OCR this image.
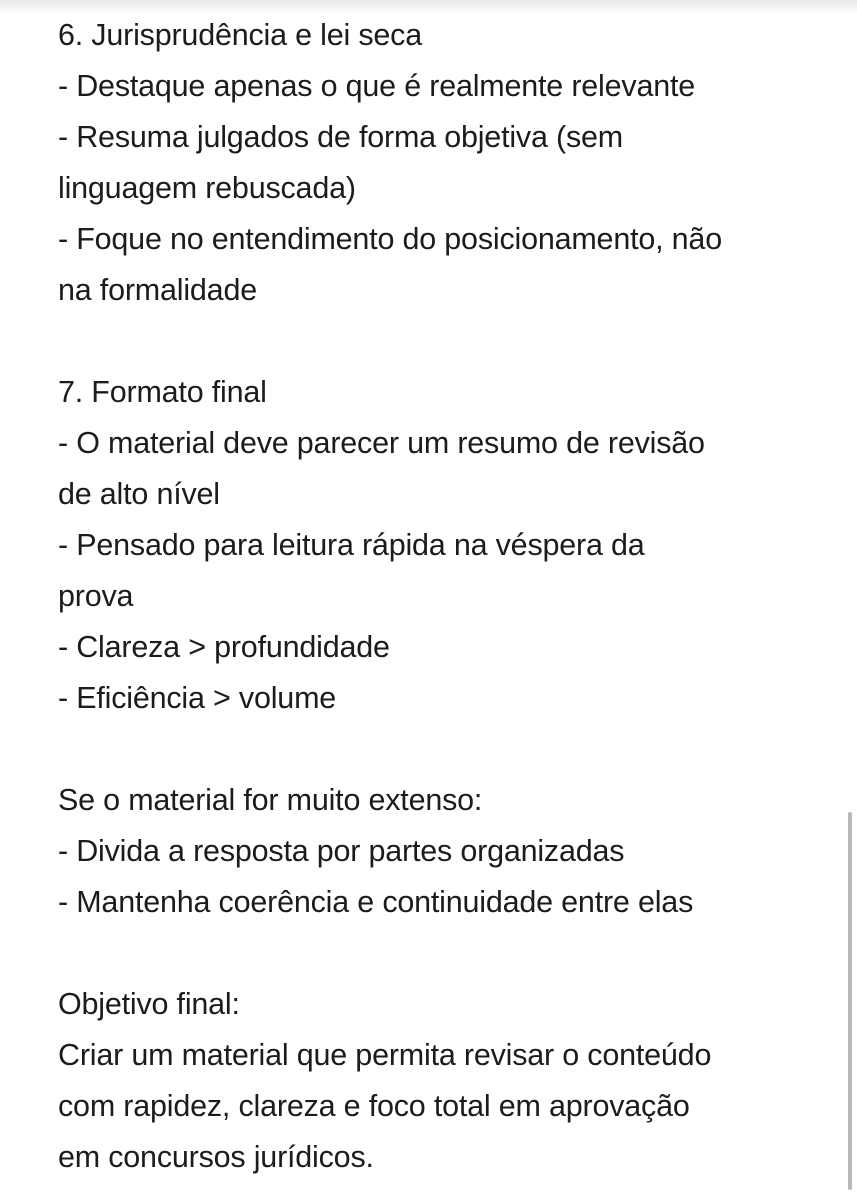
6. Jurisprudência e lei seca
- Destaque apenas o que é realmente relevante
- Resuma julgados de forma objetiva (sem
linguagem rebuscada)
- Foque no entendimento do posicionamento, não
na formalidade
7. Formato final
- O material deve parecer um resumo de revisão
de alto nível
- Pensado para leitura rápida na véspera da
prova
- Clareza > profundidade
- Eficiência > volume
Se o material for muito extenso:
- Divida a resposta por partes organizadas
- Mantenha coerência e continuidade entre elas
Objetivo final:
Criar um material que permita revisar o conteúdo
com rapidez, clareza e foco total em aprovação
em concursos jurídicos.
